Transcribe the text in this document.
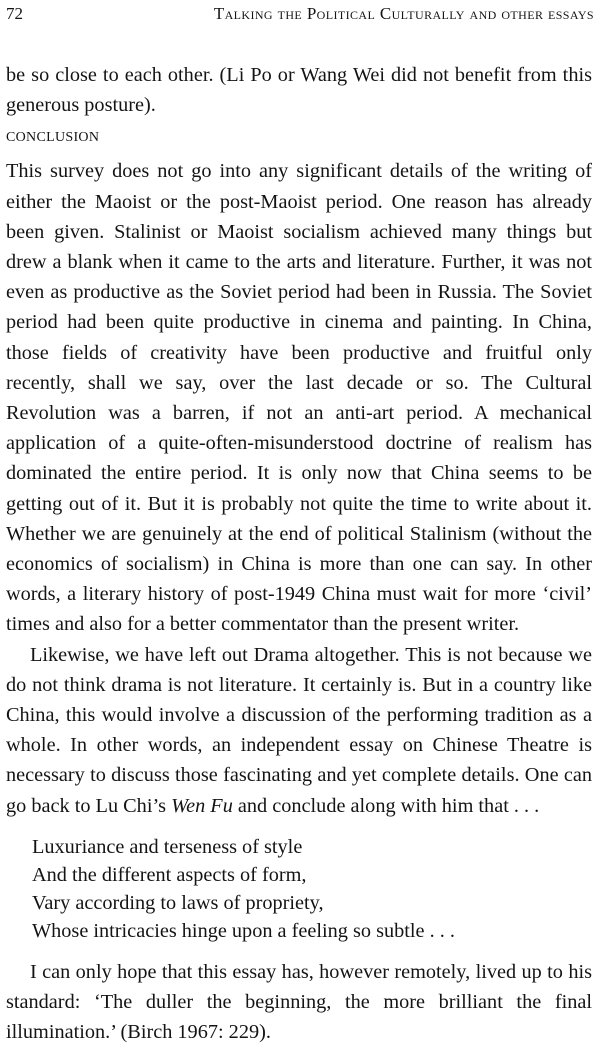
72	Talking the Political Culturally and other essays

be so close to each other. (Li Po or Wang Wei did not benefit from this generous posture).

CONCLUSION

This survey does not go into any significant details of the writing of either the Maoist or the post-Maoist period. One reason has already been given. Stalinist or Maoist socialism achieved many things but drew a blank when it came to the arts and literature. Further, it was not even as productive as the Soviet period had been in Russia. The Soviet period had been quite productive in cinema and painting. In China, those fields of creativity have been productive and fruitful only recently, shall we say, over the last decade or so. The Cultural Revolution was a barren, if not an anti-art period. A mechanical application of a quite-often-misunderstood doctrine of realism has dominated the entire period. It is only now that China seems to be getting out of it. But it is probably not quite the time to write about it. Whether we are genuinely at the end of political Stalinism (without the economics of socialism) in China is more than one can say. In other words, a literary history of post-1949 China must wait for more ‘civil’ times and also for a better commentator than the present writer.

Likewise, we have left out Drama altogether. This is not because we do not think drama is not literature. It certainly is. But in a country like China, this would involve a discussion of the performing tradition as a whole. In other words, an independent essay on Chinese Theatre is necessary to discuss those fascinating and yet complete details. One can go back to Lu Chi’s Wen Fu and conclude along with him that . . .

Luxuriance and terseness of style
And the different aspects of form,
Vary according to laws of propriety,
Whose intricacies hinge upon a feeling so subtle . . .

I can only hope that this essay has, however remotely, lived up to his standard: ‘The duller the beginning, the more brilliant the final illumination.’ (Birch 1967: 229).
